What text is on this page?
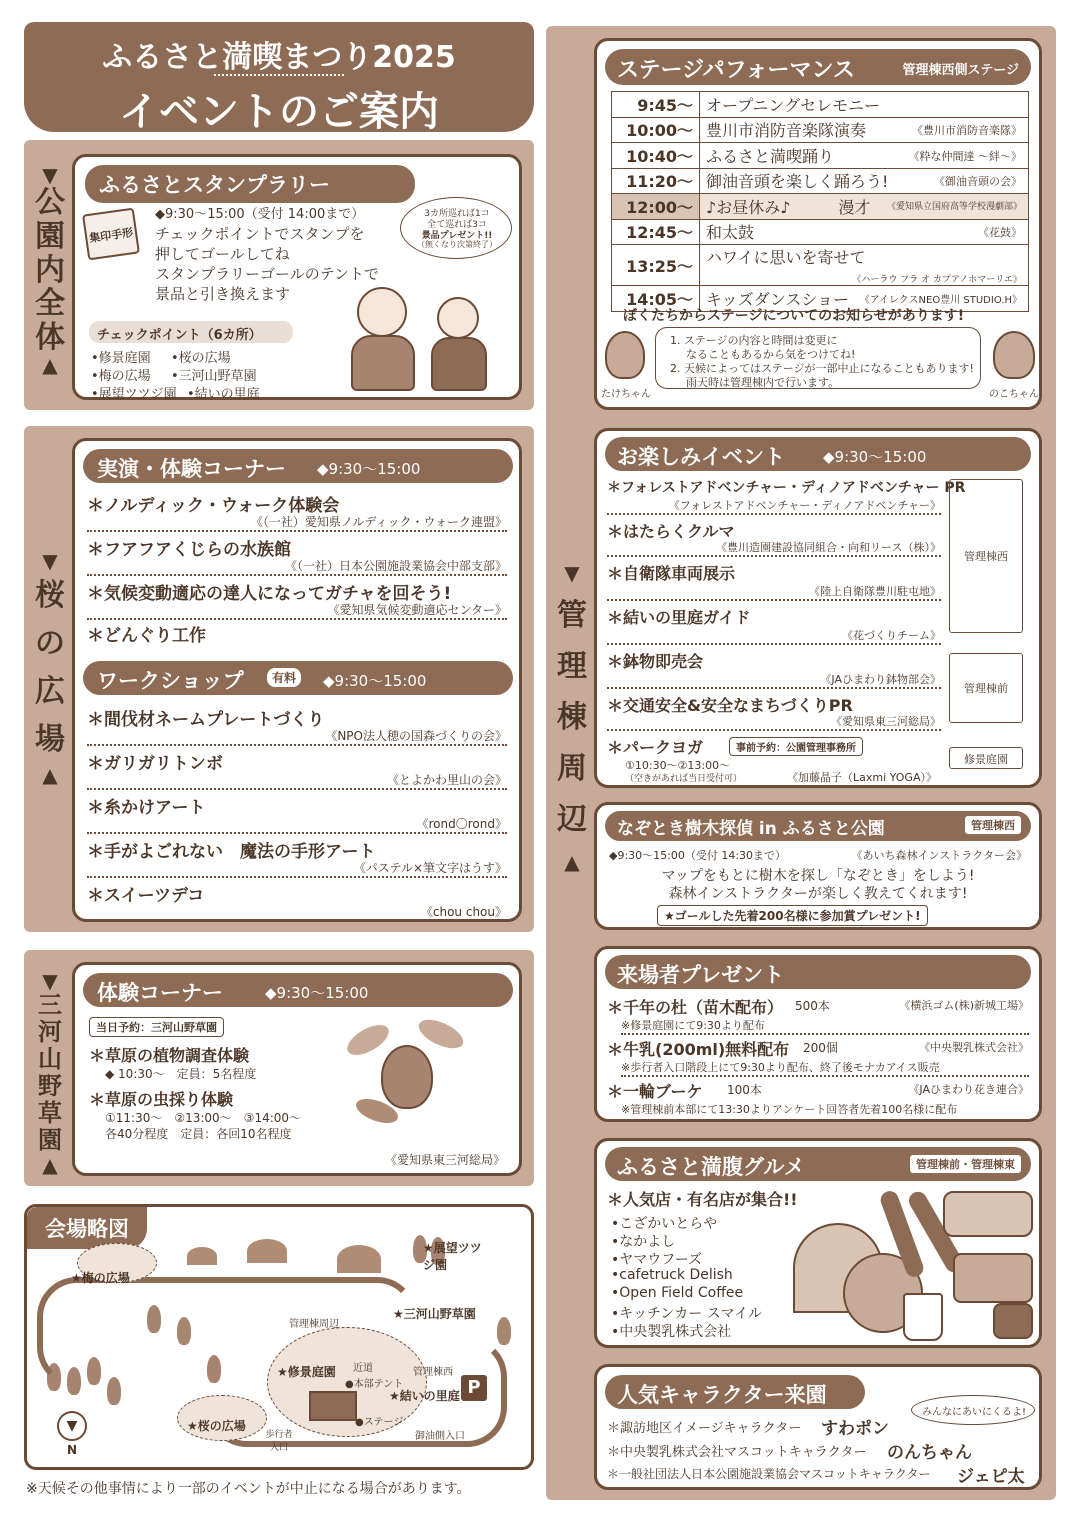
ふるさと満喫まつり2025
イベントのご案内
▼
公園内全体
▲
ふるさとスタンプラリー
◆9:30〜15:00（受付 14:00まで）
集印手形 チェックポイントでスタンプを
押してゴールしてね
スタンプラリーゴールのテントで
景品と引き換えます
3カ所巡れば1コ
全て巡れば3コ
景品プレゼント!!
（無くなり次第終了）
チェックポイント（6カ所）
•修景庭園 •桜の広場
•梅の広場 •三河山野草園
•展望ツツジ園 •結いの里庭
▼
桜の広場
▲
実演・体験コーナー ◆9:30〜15:00
＊ノルディック・ウォーク体験会
《（一社）愛知県ノルディック・ウォーク連盟》
＊フアフアくじらの水族館
《（一社）日本公園施設業協会中部支部》
＊気候変動適応の達人になってガチャを回そう!
《愛知県気候変動適応センター》
＊どんぐり工作
ワークショップ	有料	◆9:30〜15:00
＊間伐材ネームプレートづくり
《NPO法人穂の国森づくりの会》
＊ガリガリトンボ
《とよかわ里山の会》
＊糸かけアート
《rond〇rond》
＊手がよごれない　魔法の手形アート
《パステル×筆文字はうす》
＊スイーツデコ
《chou chou》
▼
三河山野草園
▲
体験コーナー	◆9:30〜15:00
当日予約：三河山野草園
＊草原の植物調査体験
◆ 10:30〜　定員：5名程度
＊草原の虫採り体験
①11:30〜　②13:00〜　③14:00〜
各40分程度　定員：各回10名程度
《愛知県東三河総局》
会場略図
★梅の広場
★展望ツツジ園
★三河山野草園
管理棟周辺
★修景庭園 近道
●本部テント
管理棟西
★結いの里庭
★桜の広場	●ステージ
歩行者入口
御油側入口
▼
N
P
※天候その他事情により一部のイベントが中止になる場合があります。
▼
管理棟周辺
▲
ステージパフォーマンス	管理棟西側ステージ
9:45〜	オープニングセレモニー

10:00〜	豊川市消防音楽隊演奏 《豊川市消防音楽隊》

10:40〜	ふるさと満喫踊り 《粋な仲間達 〜絆〜》

11:20〜	御油音頭を楽しく踊ろう! 《御油音頭の会》

12:00〜	♪お昼休み♪　　　漫才 《愛知県立国府高等学校漫劇部》

12:45〜	和太鼓 《花鼓》

13:25〜	ハワイに思いを寄せて
《ハーラウ フラ オ カプアノホマーリエ》

14:05〜	キッズダンスショー 《アイレクスNEO豊川 STUDIO.H》
ぼくたちからステージについてのお知らせがあります!
1. ステージの内容と時間は変更に
なることもあるから気をつけてね!
2. 天候によってはステージが一部中止になることもあります!
雨天時は管理棟内で行います。
たけちゃん	のこちゃん
お楽しみイベント	◆9:30〜15:00
＊フォレストアドベンチャー・ディノアドベンチャー PR
《フォレストアドベンチャー・ディノアドベンチャー》
＊はたらくクルマ
《豊川造園建設協同組合・向和リース（株）》
＊自衛隊車両展示
《陸上自衛隊豊川駐屯地》
＊結いの里庭ガイド
《花づくりチーム》
＊鉢物即売会
《JAひまわり鉢物部会》
＊交通安全&安全なまちづくりPR
《愛知県東三河総局》
＊パークヨガ	事前予約：公園管理事務所
①10:30〜②13:00〜
（空きがあれば当日受付可）	《加藤晶子（Laxmi YOGA）》
管理棟西
管理棟前
修景庭園
なぞとき樹木探偵 in ふるさと公園	管理棟西
◆9:30〜15:00（受付 14:30まで）	《あいち森林インストラクター会》
マップをもとに樹木を探し「なぞとき」をしよう!
森林インストラクターが楽しく教えてくれます!
★ゴールした先着200名様に参加賞プレゼント!
来場者プレゼント
＊千年の杜（苗木配布） 500本	《横浜ゴム(株)新城工場》
※修景庭園にて9:30より配布
＊牛乳(200ml)無料配布 200個	《中央製乳株式会社》
※歩行者入口階段上にて9:30より配布、終了後モナカアイス販売
＊一輪ブーケ 100本	《JAひまわり花き連合》
※管理棟前本部にて13:30よりアンケート回答者先着100名様に配布
ふるさと満腹グルメ	管理棟前・管理棟東
＊人気店・有名店が集合!!
•こざかいとらや
•なかよし
•ヤマウフーズ
•cafetruck Delish
•Open Field Coffee
•キッチンカー スマイル
•中央製乳株式会社
人気キャラクター来園
みんなにあいにくるよ!
＊諏訪地区イメージキャラクター すわポン
＊中央製乳株式会社マスコットキャラクター のんちゃん
＊一般社団法人日本公園施設業協会マスコットキャラクター ジェピ太
